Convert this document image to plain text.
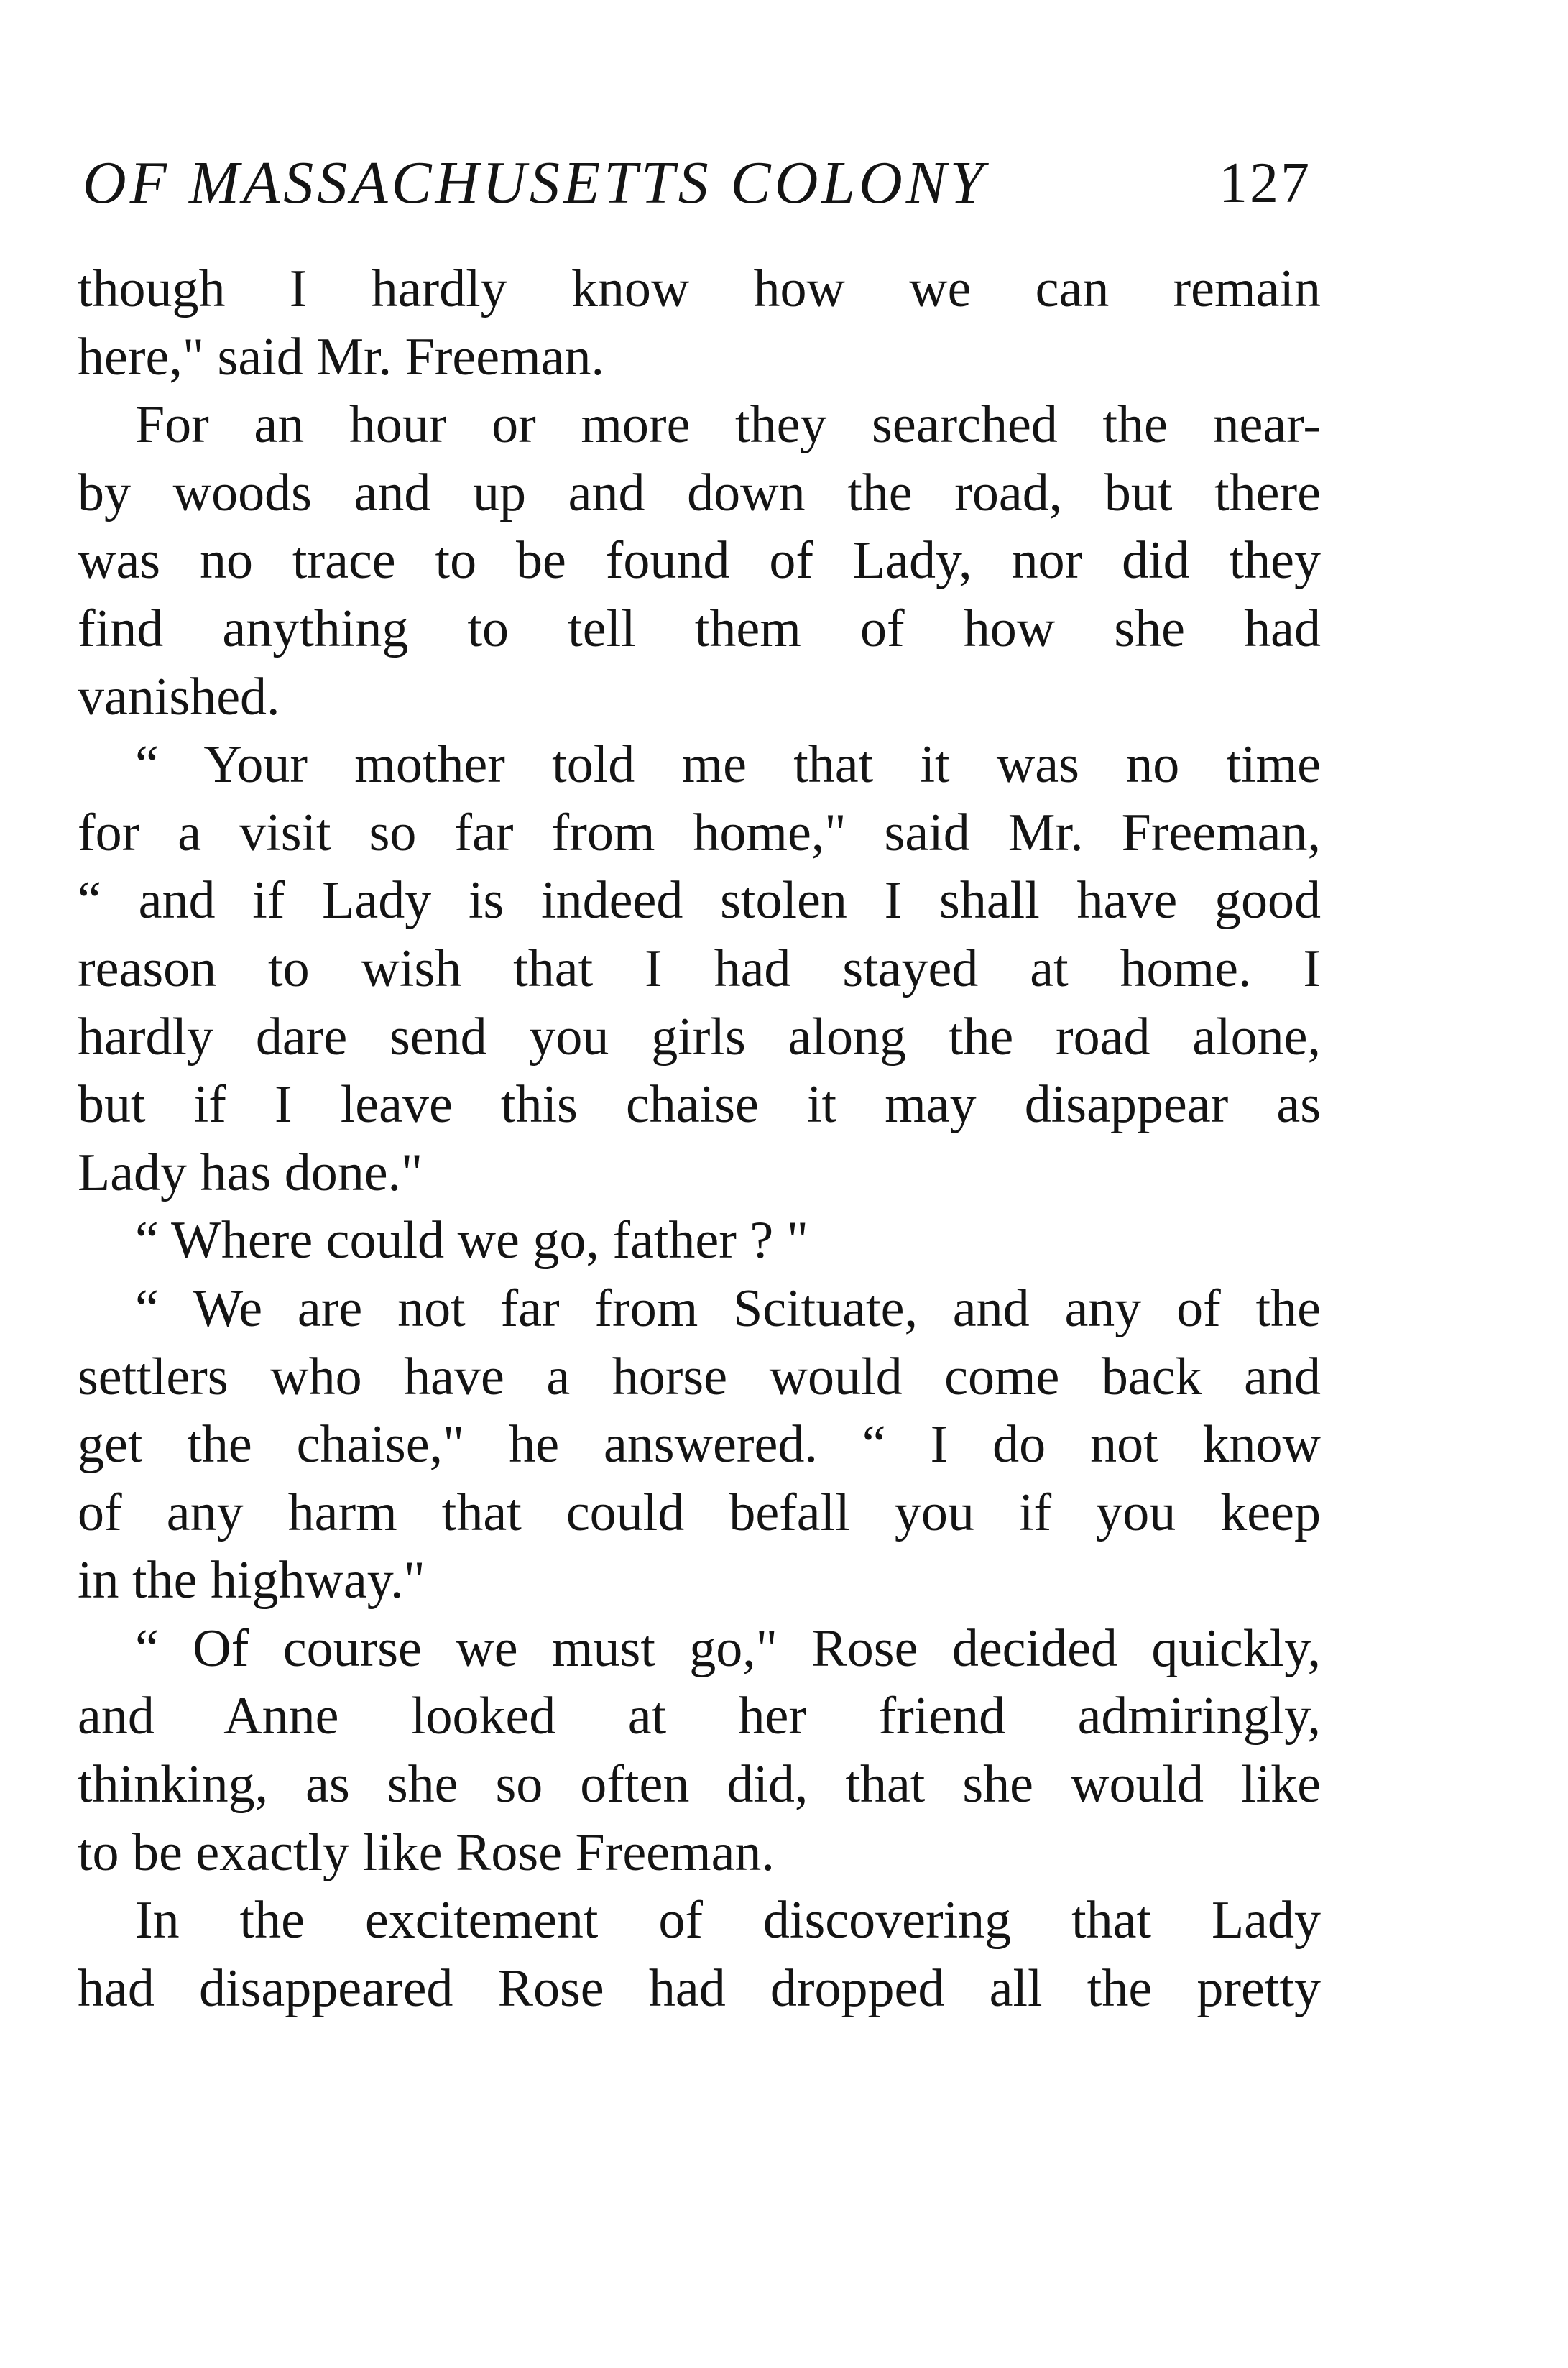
OF MASSACHUSETTS COLONY	127
though I hardly know how we can remain
here," said Mr. Freeman.
For an hour or more they searched the near-
by woods and up and down the road, but there
was no trace to be found of Lady, nor did they
find anything to tell them of how she had
vanished.
“ Your mother told me that it was no time
for a visit so far from home," said Mr. Freeman,
“ and if Lady is indeed stolen I shall have good
reason to wish that I had stayed at home. I
hardly dare send you girls along the road alone,
but if I leave this chaise it may disappear as
Lady has done."
“ Where could we go, father ? "
“ We are not far from Scituate, and any of the
settlers who have a horse would come back and
get the chaise," he answered. “ I do not know
of any harm that could befall you if you keep
in the highway."
“ Of course we must go," Rose decided quickly,
and Anne looked at her friend admiringly,
thinking, as she so often did, that she would like
to be exactly like Rose Freeman.
In the excitement of discovering that Lady
had disappeared Rose had dropped all the pretty
